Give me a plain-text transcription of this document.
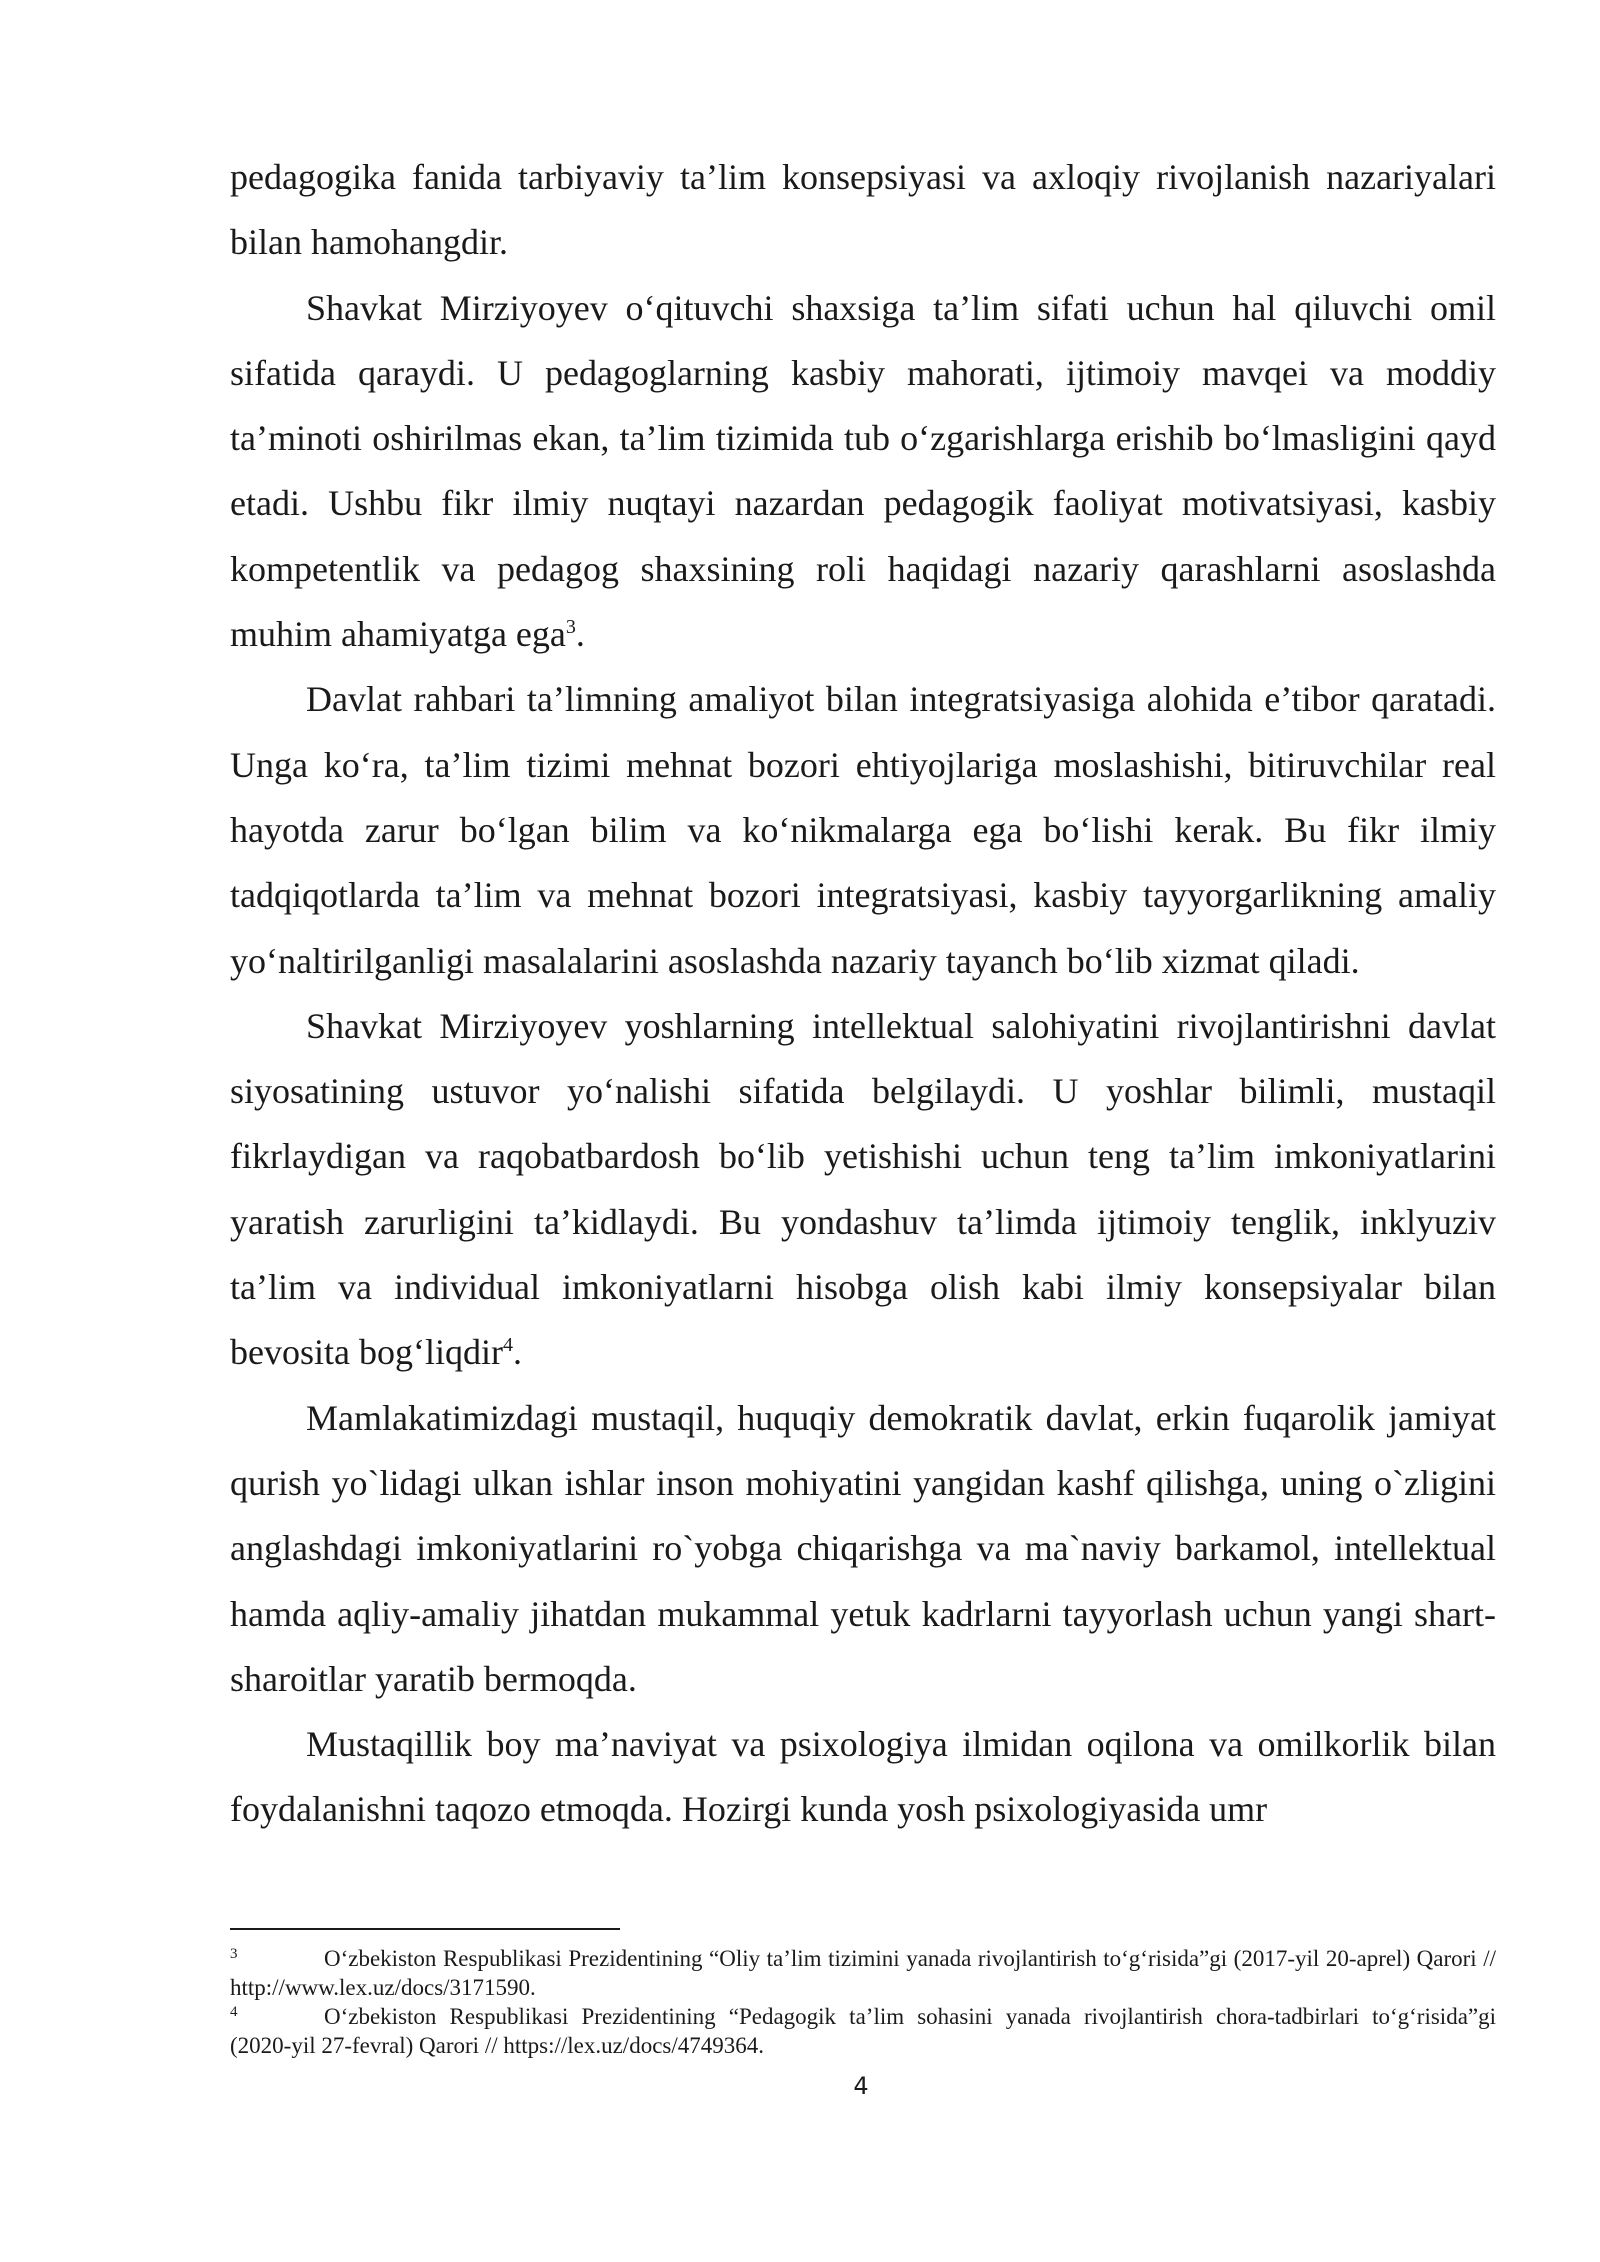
pedagogika fanida tarbiyaviy ta’lim konsepsiyasi va axloqiy rivojlanish nazariyalari bilan hamohangdir.

Shavkat Mirziyoyev o‘qituvchi shaxsiga ta’lim sifati uchun hal qiluvchi omil sifatida qaraydi. U pedagoglarning kasbiy mahorati, ijtimoiy mavqei va moddiy ta’minoti oshirilmas ekan, ta’lim tizimida tub o‘zgarishlarga erishib bo‘lmasligini qayd etadi. Ushbu fikr ilmiy nuqtayi nazardan pedagogik faoliyat motivatsiyasi, kasbiy kompetentlik va pedagog shaxsining roli haqidagi nazariy qarashlarni asoslashda muhim ahamiyatga ega$^3$.

Davlat rahbari ta’limning amaliyot bilan integratsiyasiga alohida e’tibor qaratadi. Unga ko‘ra, ta’lim tizimi mehnat bozori ehtiyojlariga moslashishi, bitiruvchilar real hayotda zarur bo‘lgan bilim va ko‘nikmalarga ega bo‘lishi kerak. Bu fikr ilmiy tadqiqotlarda ta’lim va mehnat bozori integratsiyasi, kasbiy tayyorgarlikning amaliy yo‘naltirilganligi masalalarini asoslashda nazariy tayanch bo‘lib xizmat qiladi.

Shavkat Mirziyoyev yoshlarning intellektual salohiyatini rivojlantirishni davlat siyosatining ustuvor yo‘nalishi sifatida belgilaydi. U yoshlar bilimli, mustaqil fikrlaydigan va raqobatbardosh bo‘lib yetishishi uchun teng ta’lim imkoniyatlarini yaratish zarurligini ta’kidlaydi. Bu yondashuv ta’limda ijtimoiy tenglik, inklyuziv ta’lim va individual imkoniyatlarni hisobga olish kabi ilmiy konsepsiyalar bilan bevosita bog‘liqdir$^4$.

Mamlakatimizdagi mustaqil, huquqiy demokratik davlat, erkin fuqarolik jamiyat qurish yo`lidagi ulkan ishlar inson mohiyatini yangidan kashf qilishga, uning o`zligini anglashdagi imkoniyatlarini ro`yobga chiqarishga va ma`naviy barkamol, intellektual hamda aqliy-amaliy jihatdan mukammal yetuk kadrlarni tayyorlash uchun yangi shart-sharoitlar yaratib bermoqda.

Mustaqillik boy ma’naviyat va psixologiya ilmidan oqilona va omilkorlik bilan foydalanishni taqozo etmoqda. Hozirgi kunda yosh psixologiyasida umr

3	O‘zbekiston Respublikasi Prezidentining “Oliy ta’lim tizimini yanada rivojlantirish to‘g‘risida”gi (2017-yil 20-aprel) Qarori // http://www.lex.uz/docs/3171590.
4	O‘zbekiston Respublikasi Prezidentining “Pedagogik ta’lim sohasini yanada rivojlantirish chora-tadbirlari to‘g‘risida”gi (2020-yil 27-fevral) Qarori // https://lex.uz/docs/4749364.
4
